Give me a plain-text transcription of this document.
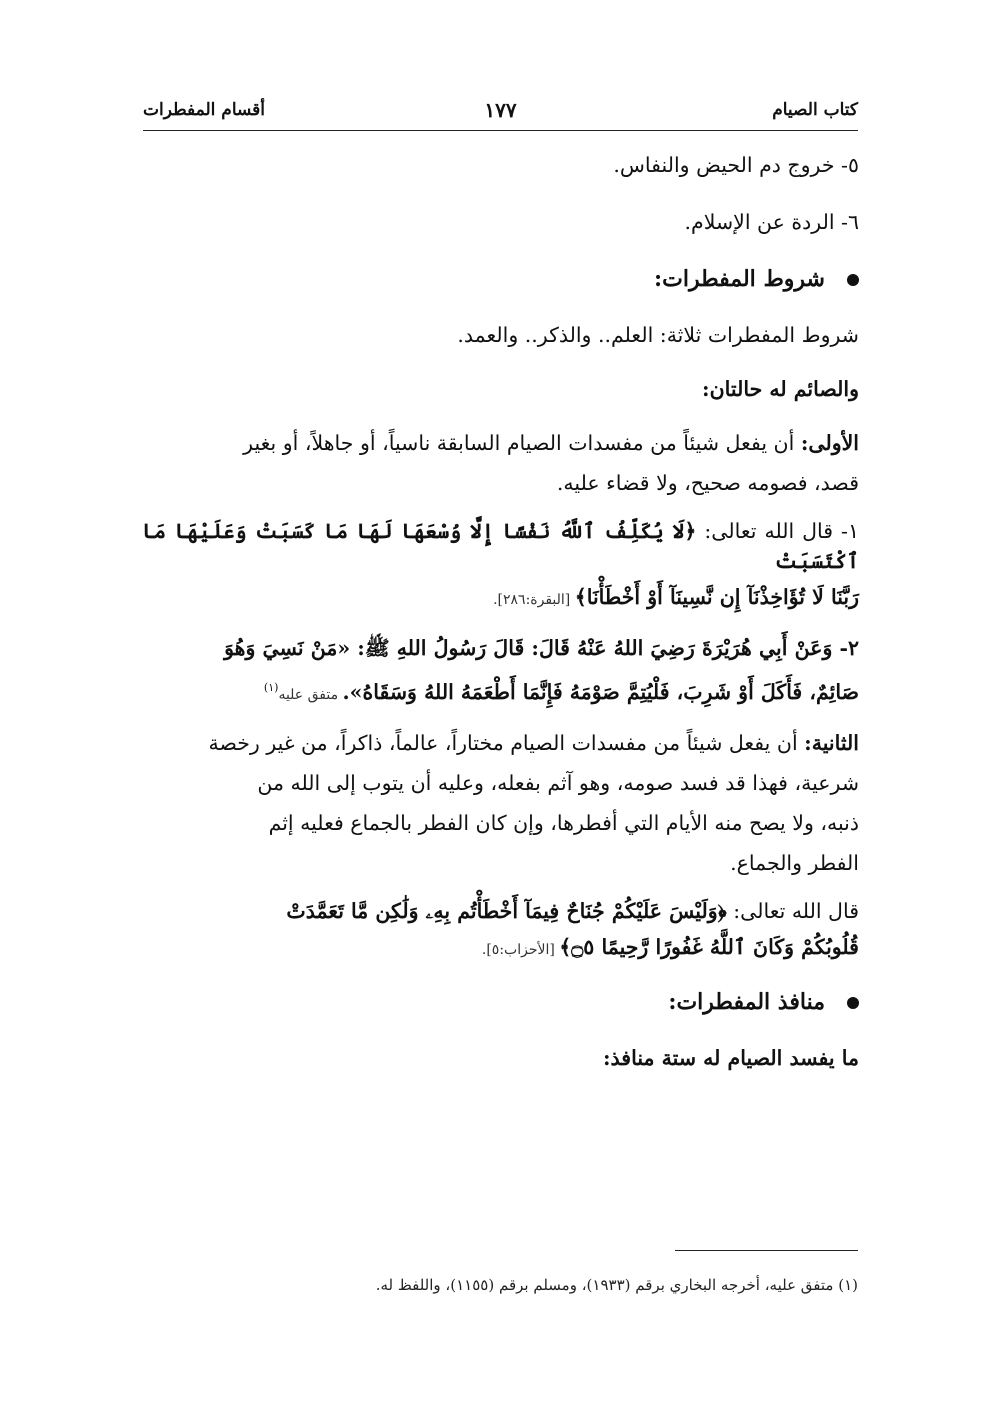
كتاب الصيام
١٧٧
أقسام المفطرات

٥- خروج دم الحيض والنفاس.

٦- الردة عن الإسلام.

شروط المفطرات:

شروط المفطرات ثلاثة: العلم.. والذكر.. والعمد.

والصائم له حالتان:

الأولى: أن يفعل شيئاً من مفسدات الصيام السابقة ناسياً، أو جاهلاً، أو بغير

قصد، فصومه صحيح، ولا قضاء عليه.

١- قال الله تعالى: ﴿لَا يُكَلِّفُ ٱللَّهُ نَفْسًا إِلَّا وُسْعَهَا لَهَا مَا كَسَبَتْ وَعَلَيْهَا مَا ٱكْتَسَبَتْ

رَبَّنَا لَا تُؤَاخِذْنَآ إِن نَّسِينَآ أَوْ أَخْطَأْنَا﴾ [البقرة:٢٨٦].

٢- وَعَنْ أَبِي هُرَيْرَةَ رَضِيَ اللهُ عَنْهُ قَالَ: قَالَ رَسُولُ اللهِ ﷺ: «مَنْ نَسِيَ وَهُوَ

صَائِمٌ، فَأَكَلَ أَوْ شَرِبَ، فَلْيُتِمَّ صَوْمَهُ فَإِنَّمَا أَطْعَمَهُ اللهُ وَسَقَاهُ». متفق عليه$^{(١)}$

الثانية: أن يفعل شيئاً من مفسدات الصيام مختاراً، عالماً، ذاكراً، من غير رخصة

شرعية، فهذا قد فسد صومه، وهو آثم بفعله، وعليه أن يتوب إلى الله من

ذنبه، ولا يصح منه الأيام التي أفطرها، وإن كان الفطر بالجماع فعليه إثم

الفطر والجماع.

قال الله تعالى: ﴿وَلَيْسَ عَلَيْكُمْ جُنَاحٌ فِيمَآ أَخْطَأْتُم بِهِۦ وَلَٰكِن مَّا تَعَمَّدَتْ

قُلُوبُكُمْ وَكَانَ ٱللَّهُ غَفُورًا رَّحِيمًا ۝٥﴾ [الأحزاب:٥].

منافذ المفطرات:

ما يفسد الصيام له ستة منافذ:

(١) متفق عليه، أخرجه البخاري برقم (١٩٣٣)، ومسلم برقم (١١٥٥)، واللفظ له.
